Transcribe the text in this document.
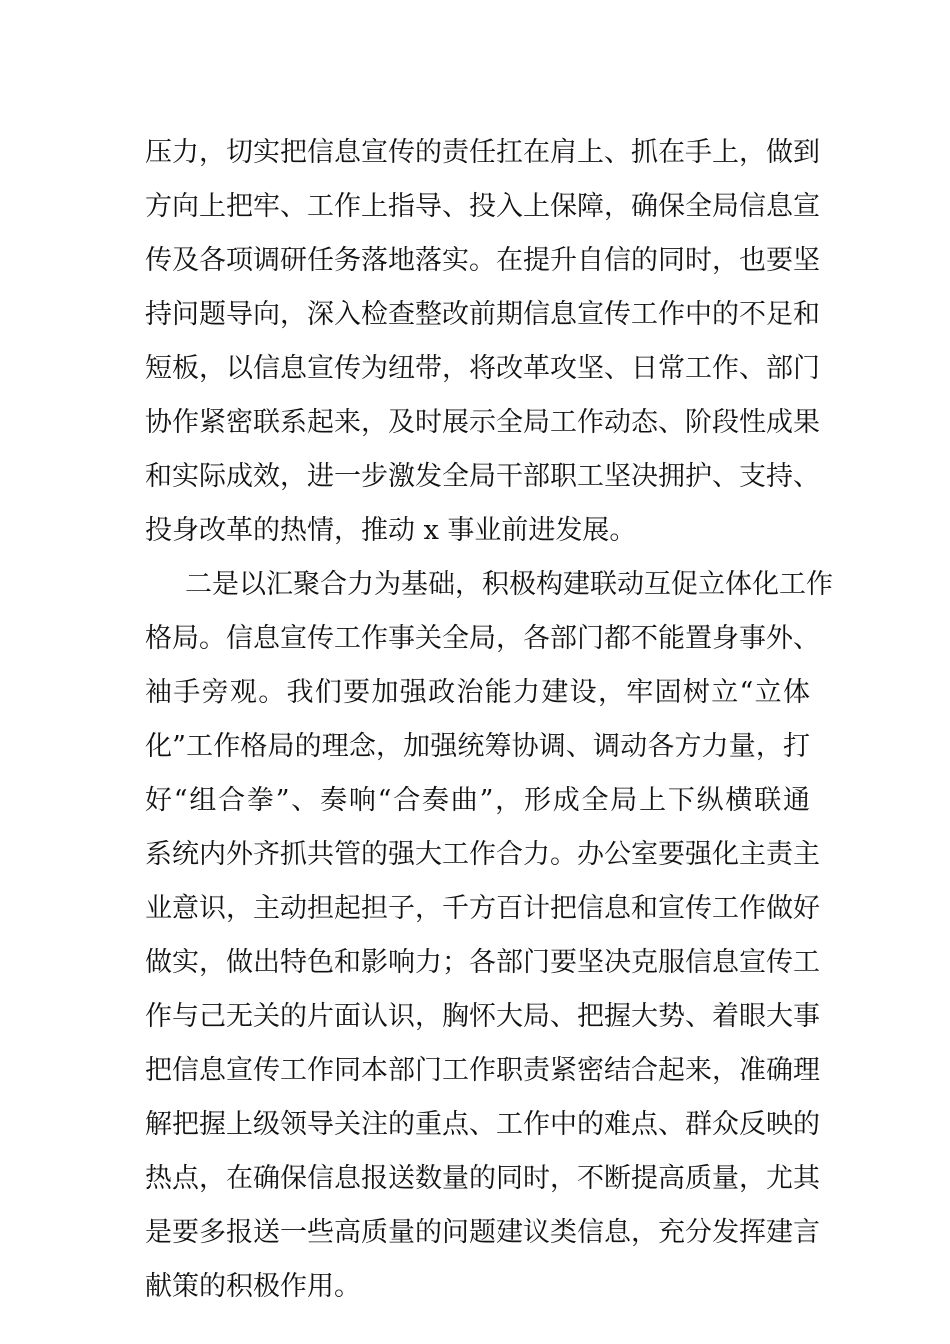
压力，切实把信息宣传的责任扛在肩上、抓在手上，做到
方向上把牢、工作上指导、投入上保障，确保全局信息宣
传及各项调研任务落地落实。在提升自信的同时，也要坚
持问题导向，深入检查整改前期信息宣传工作中的不足和
短板，以信息宣传为纽带，将改革攻坚、日常工作、部门
协作紧密联系起来，及时展示全局工作动态、阶段性成果
和实际成效，进一步激发全局干部职工坚决拥护、支持、
投身改革的热情，推动 x 事业前进发展。
二是以汇聚合力为基础，积极构建联动互促立体化工作
格局。信息宣传工作事关全局，各部门都不能置身事外、
袖手旁观。我们要加强政治能力建设，牢固树立“立体
化”工作格局的理念，加强统筹协调、调动各方力量，打
好“组合拳”、奏响“合奏曲”，形成全局上下纵横联通
系统内外齐抓共管的强大工作合力。办公室要强化主责主
业意识，主动担起担子，千方百计把信息和宣传工作做好
做实，做出特色和影响力；各部门要坚决克服信息宣传工
作与己无关的片面认识，胸怀大局、把握大势、着眼大事
把信息宣传工作同本部门工作职责紧密结合起来，准确理
解把握上级领导关注的重点、工作中的难点、群众反映的
热点，在确保信息报送数量的同时，不断提高质量，尤其
是要多报送一些高质量的问题建议类信息，充分发挥建言
献策的积极作用。
